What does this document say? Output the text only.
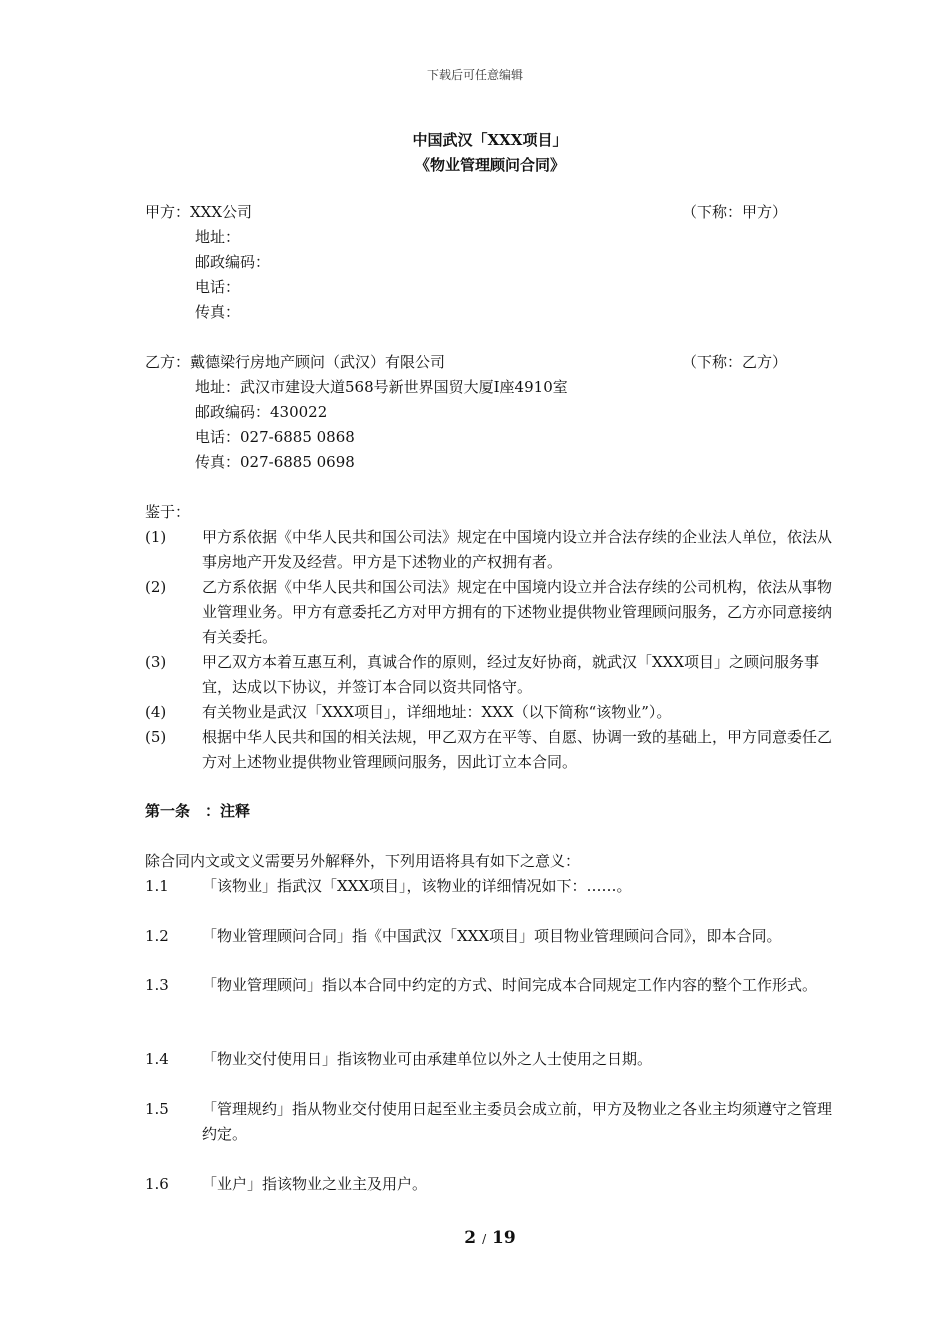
下载后可任意编辑
中国武汉「XXX项目」
《物业管理顾问合同》
甲方：XXX公司	（下称：甲方）
地址：
邮政编码：
电话：
传真：
乙方：戴德梁行房地产顾问（武汉）有限公司	（下称：乙方）
地址：武汉市建设大道568号新世界国贸大厦Ⅰ座4910室
邮政编码：430022
电话：027-6885 0868
传真：027-6885 0698
鉴于：
(1) 甲方系依据《中华人民共和国公司法》规定在中国境内设立并合法存续的企业法人单位，依法从事房地产开发及经营。甲方是下述物业的产权拥有者。
(2) 乙方系依据《中华人民共和国公司法》规定在中国境内设立并合法存续的公司机构，依法从事物业管理业务。甲方有意委托乙方对甲方拥有的下述物业提供物业管理顾问服务，乙方亦同意接纳有关委托。
(3) 甲乙双方本着互惠互利，真诚合作的原则，经过友好协商，就武汉「XXX项目」之顾问服务事宜，达成以下协议，并签订本合同以资共同恪守。
(4) 有关物业是武汉「XXX项目」，详细地址：XXX（以下简称“该物业”）。
(5) 根据中华人民共和国的相关法规，甲乙双方在平等、自愿、协调一致的基础上，甲方同意委任乙方对上述物业提供物业管理顾问服务，因此订立本合同。
第一条　：注释
除合同内文或文义需要另外解释外，下列用语将具有如下之意义：
1.1 「该物业」指武汉「XXX项目」，该物业的详细情况如下：……。
1.2 「物业管理顾问合同」指《中国武汉「XXX项目」项目物业管理顾问合同》，即本合同。
1.3 「物业管理顾问」指以本合同中约定的方式、时间完成本合同规定工作内容的整个工作形式。
1.4 「物业交付使用日」指该物业可由承建单位以外之人士使用之日期。
1.5 「管理规约」指从物业交付使用日起至业主委员会成立前，甲方及物业之各业主均须遵守之管理约定。
1.6 「业户」指该物业之业主及用户。
2 / 19
